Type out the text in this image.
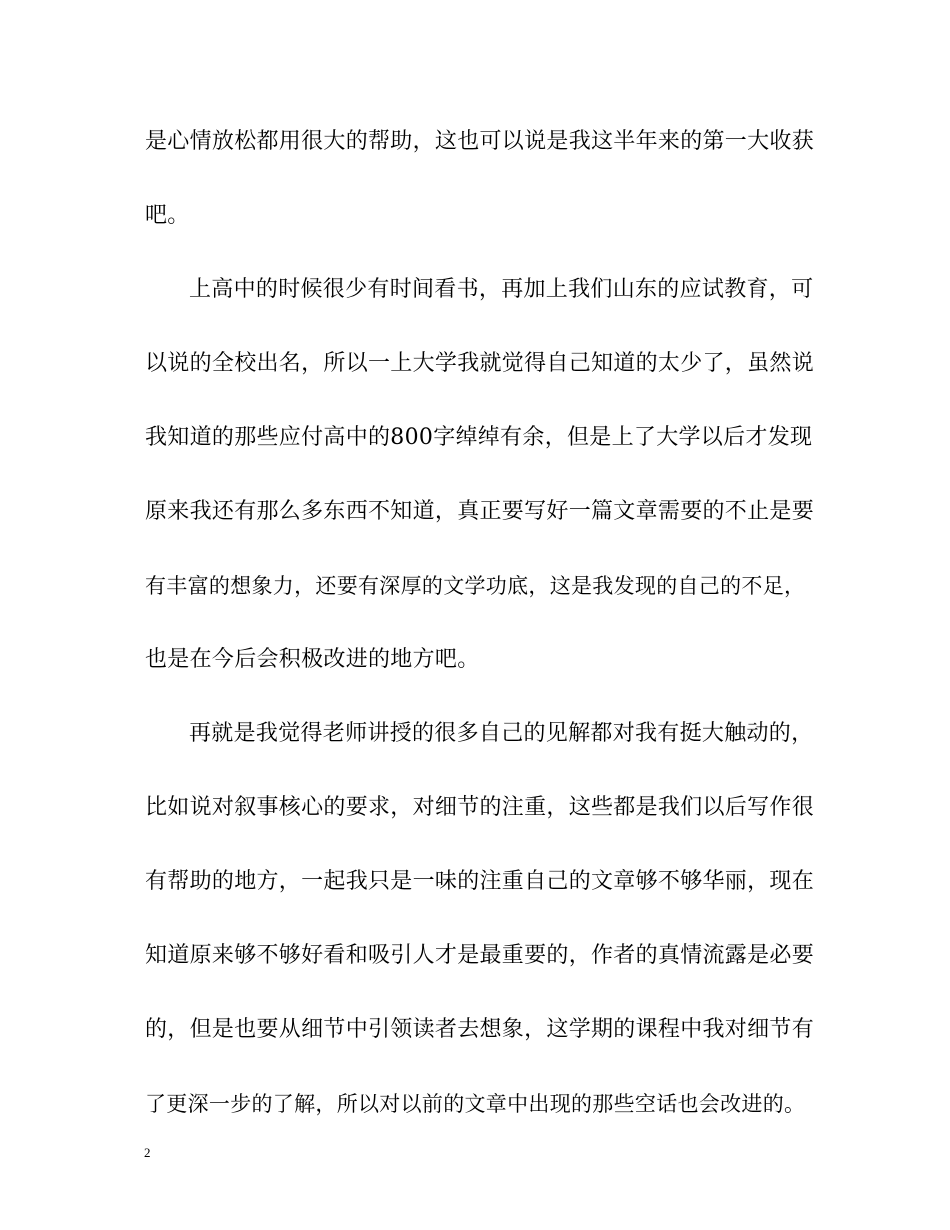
是心情放松都用很大的帮助，这也可以说是我这半年来的第一大收获
吧。
上高中的时候很少有时间看书，再加上我们山东的应试教育，可
以说的全校出名，所以一上大学我就觉得自己知道的太少了，虽然说
我知道的那些应付高中的800字绰绰有余，但是上了大学以后才发现
原来我还有那么多东西不知道，真正要写好一篇文章需要的不止是要
有丰富的想象力，还要有深厚的文学功底，这是我发现的自己的不足，
也是在今后会积极改进的地方吧。
再就是我觉得老师讲授的很多自己的见解都对我有挺大触动的，
比如说对叙事核心的要求，对细节的注重，这些都是我们以后写作很
有帮助的地方，一起我只是一味的注重自己的文章够不够华丽，现在
知道原来够不够好看和吸引人才是最重要的，作者的真情流露是必要
的，但是也要从细节中引领读者去想象，这学期的课程中我对细节有
了更深一步的了解，所以对以前的文章中出现的那些空话也会改进的。
2
